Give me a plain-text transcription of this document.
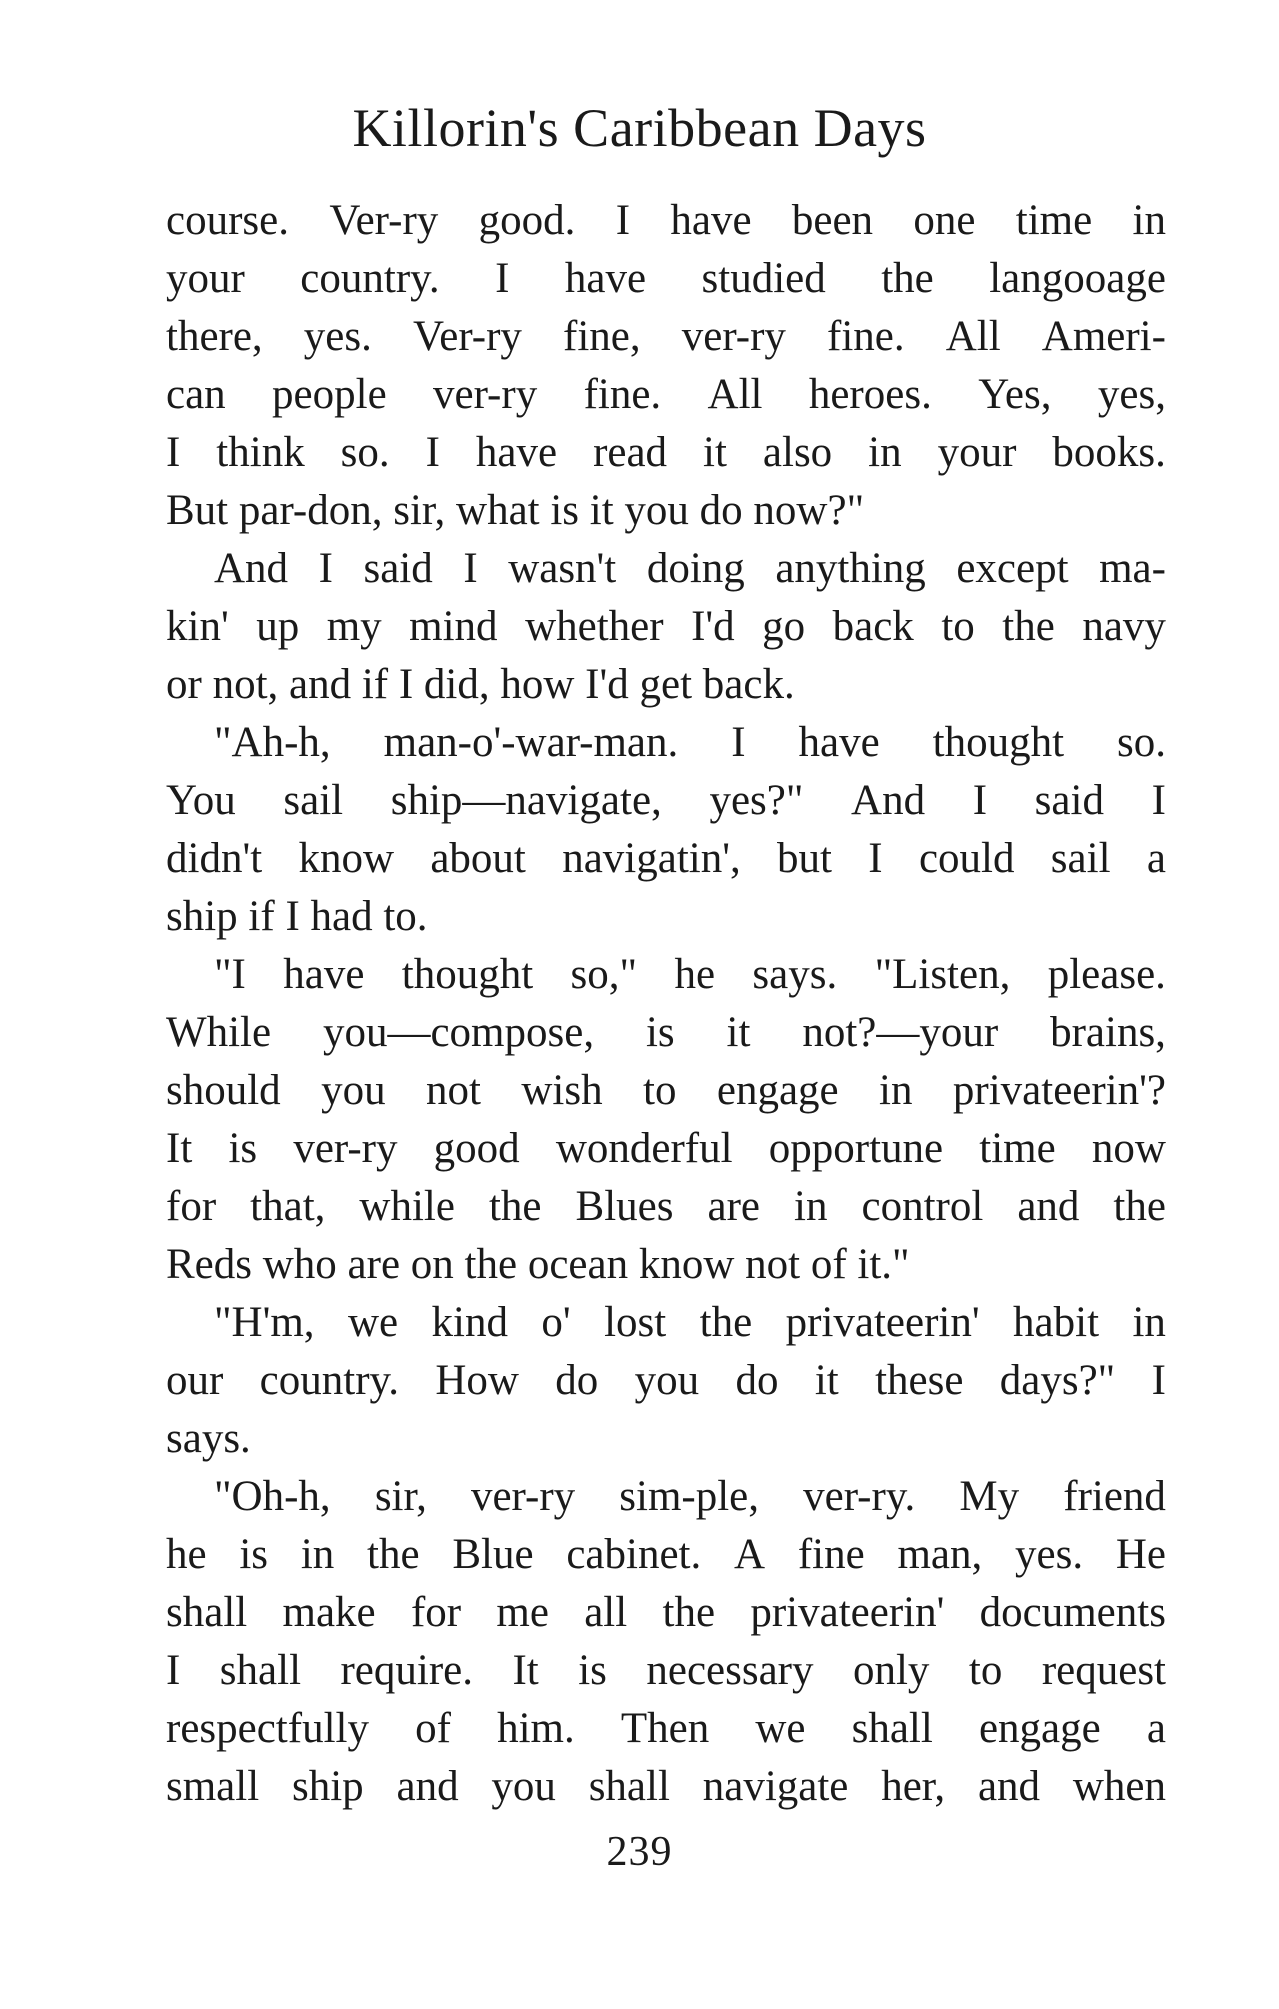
Killorin's Caribbean Days
course. Ver-ry good. I have been one time in
your country. I have studied the langooage
there, yes. Ver-ry fine, ver-ry fine. All Ameri-
can people ver-ry fine. All heroes. Yes, yes,
I think so. I have read it also in your books.
But par-don, sir, what is it you do now?"
And I said I wasn't doing anything except ma-
kin' up my mind whether I'd go back to the navy
or not, and if I did, how I'd get back.
"Ah-h, man-o'-war-man. I have thought so.
You sail ship—navigate, yes?" And I said I
didn't know about navigatin', but I could sail a
ship if I had to.
"I have thought so," he says. "Listen, please.
While you—compose, is it not?—your brains,
should you not wish to engage in privateerin'?
It is ver-ry good wonderful opportune time now
for that, while the Blues are in control and the
Reds who are on the ocean know not of it."
"H'm, we kind o' lost the privateerin' habit in
our country. How do you do it these days?" I
says.
"Oh-h, sir, ver-ry sim-ple, ver-ry. My friend
he is in the Blue cabinet. A fine man, yes. He
shall make for me all the privateerin' documents
I shall require. It is necessary only to request
respectfully of him. Then we shall engage a
small ship and you shall navigate her, and when
239
